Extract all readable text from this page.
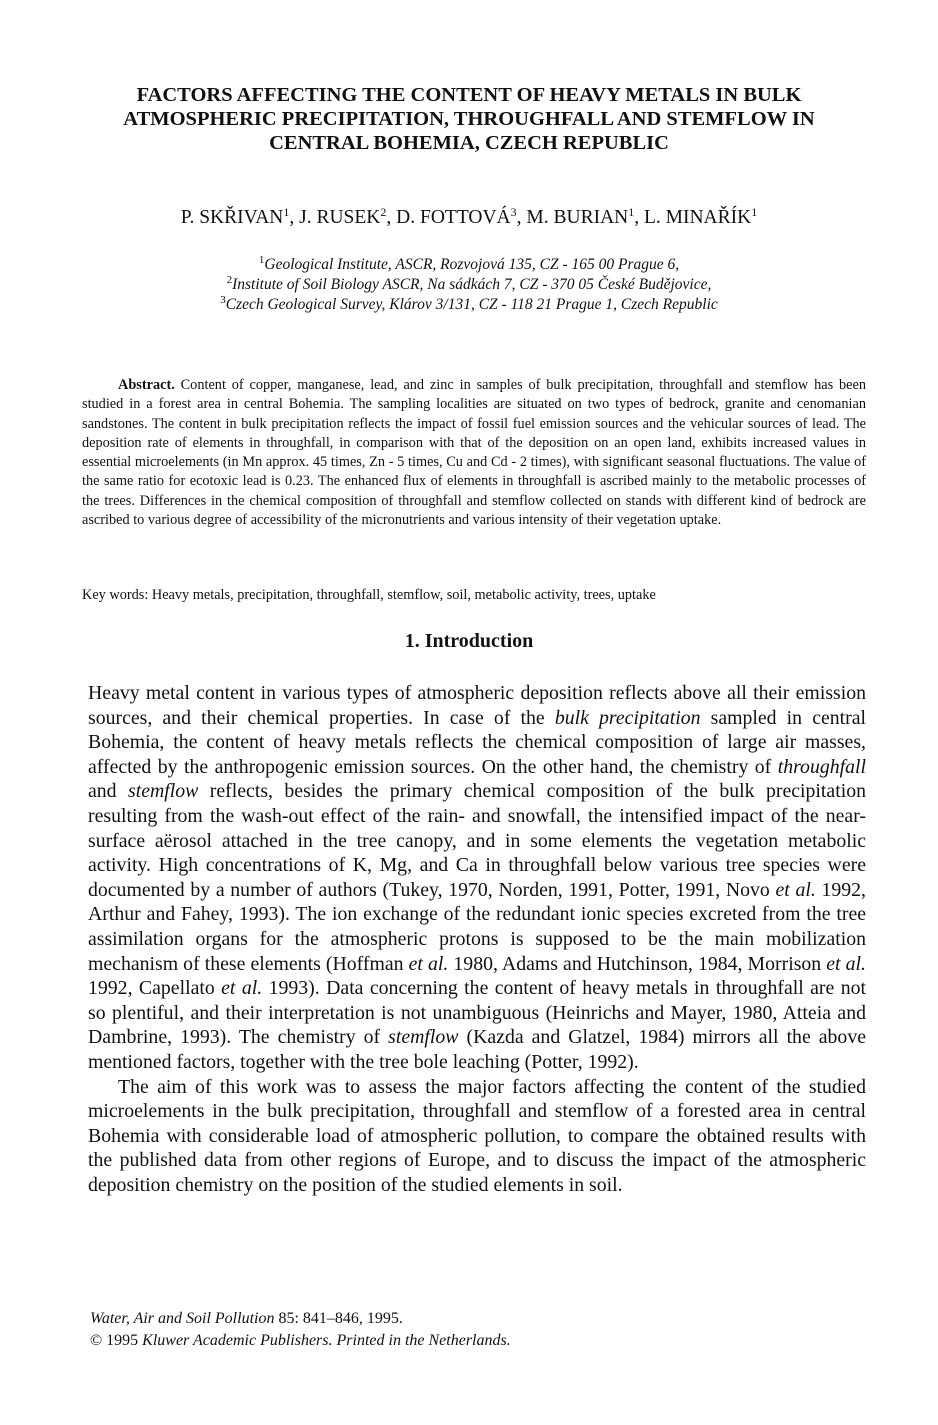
FACTORS AFFECTING THE CONTENT OF HEAVY METALS IN BULK
ATMOSPHERIC PRECIPITATION, THROUGHFALL AND STEMFLOW IN
CENTRAL BOHEMIA, CZECH REPUBLIC
P. SKŘIVAN$^1$, J. RUSEK$^2$, D. FOTTOVÁ$^3$, M. BURIAN$^1$, L. MINAŘÍK$^1$
$^1$Geological Institute, ASCR, Rozvojová 135, CZ - 165 00 Prague 6,
$^2$Institute of Soil Biology ASCR, Na sádkách 7, CZ - 370 05 České Budějovice,
$^3$Czech Geological Survey, Klárov 3/131, CZ - 118 21 Prague 1, Czech Republic

Abstract. Content of copper, manganese, lead, and zinc in samples of bulk precipitation, throughfall and stemflow has been studied in a forest area in central Bohemia. The sampling localities are situated on two types of bedrock, granite and cenomanian sandstones. The content in bulk precipitation reflects the impact of fossil fuel emission sources and the vehicular sources of lead. The deposition rate of elements in throughfall, in comparison with that of the deposition on an open land, exhibits increased values in essential microelements (in Mn approx. 45 times, Zn - 5 times, Cu and Cd - 2 times), with significant seasonal fluctuations. The value of the same ratio for ecotoxic lead is 0.23. The enhanced flux of elements in throughfall is ascribed mainly to the metabolic processes of the trees. Differences in the chemical composition of throughfall and stemflow collected on stands with different kind of bedrock are ascribed to various degree of accessibility of the micronutrients and various intensity of their vegetation uptake.

Key words: Heavy metals, precipitation, throughfall, stemflow, soil, metabolic activity, trees, uptake
1. Introduction

Heavy metal content in various types of atmospheric deposition reflects above all their emission sources, and their chemical properties. In case of the bulk precipitation sampled in central Bohemia, the content of heavy metals reflects the chemical composition of large air masses, affected by the anthropogenic emission sources. On the other hand, the chemistry of throughfall and stemflow reflects, besides the primary chemical composition of the bulk precipitation resulting from the wash-out effect of the rain- and snowfall, the intensified impact of the near-surface aërosol attached in the tree canopy, and in some elements the vegetation metabolic activity. High concentrations of K, Mg, and Ca in throughfall below various tree species were documented by a number of authors (Tukey, 1970, Norden, 1991, Potter, 1991, Novo et al. 1992, Arthur and Fahey, 1993). The ion exchange of the redundant ionic species excreted from the tree assimilation organs for the atmospheric protons is supposed to be the main mobilization mechanism of these elements (Hoffman et al. 1980, Adams and Hutchinson, 1984, Morrison et al. 1992, Capellato et al. 1993). Data concerning the content of heavy metals in throughfall are not so plentiful, and their interpretation is not unambiguous (Heinrichs and Mayer, 1980, Atteia and Dambrine, 1993). The chemistry of stemflow (Kazda and Glatzel, 1984) mirrors all the above mentioned factors, together with the tree bole leaching (Potter, 1992).

The aim of this work was to assess the major factors affecting the content of the studied microelements in the bulk precipitation, throughfall and stemflow of a forested area in central Bohemia with considerable load of atmospheric pollution, to compare the obtained results with the published data from other regions of Europe, and to discuss the impact of the atmospheric deposition chemistry on the position of the studied elements in soil.

Water, Air and Soil Pollution 85: 841–846, 1995.
© 1995 Kluwer Academic Publishers. Printed in the Netherlands.
